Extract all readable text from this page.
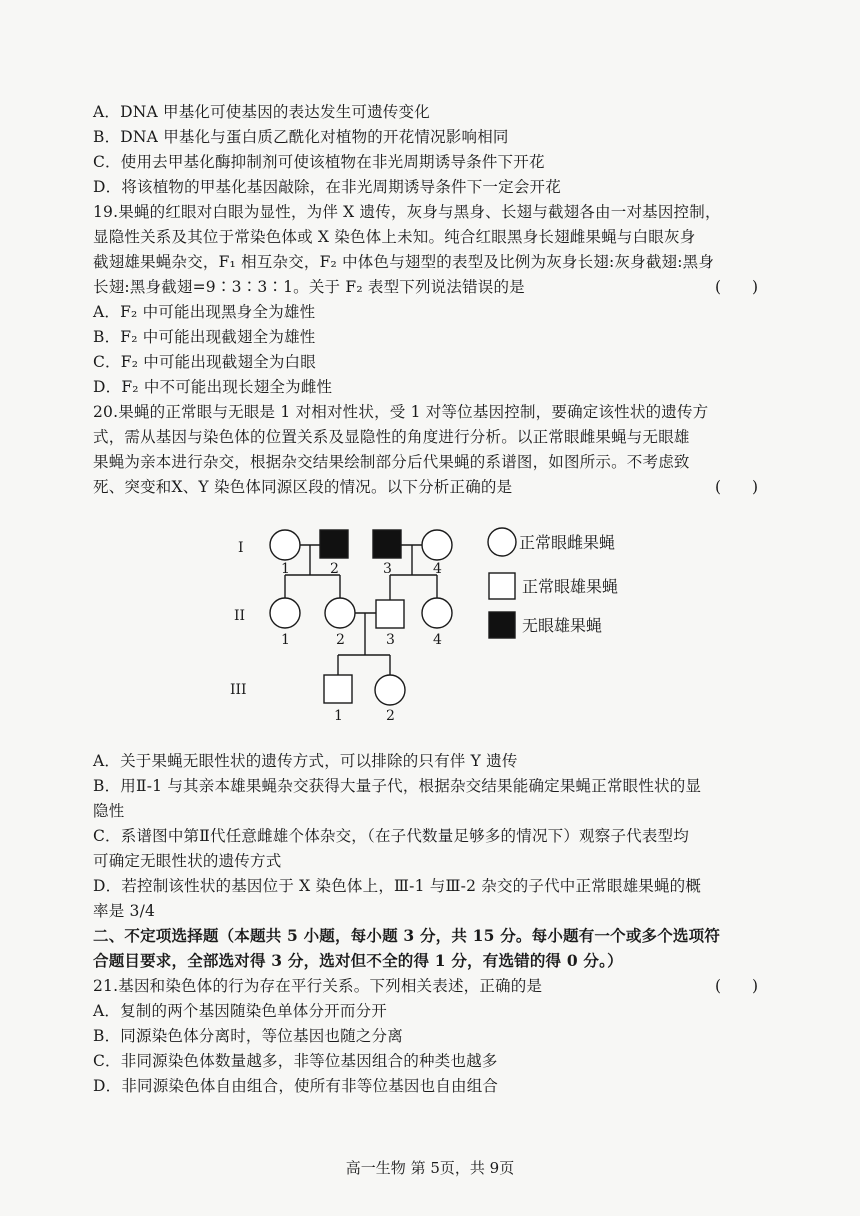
A．DNA 甲基化可使基因的表达发生可遗传变化
B．DNA 甲基化与蛋白质乙酰化对植物的开花情况影响相同
C．使用去甲基化酶抑制剂可使该植物在非光周期诱导条件下开花
D．将该植物的甲基化基因敲除，在非光周期诱导条件下一定会开花
19.果蝇的红眼对白眼为显性，为伴 X 遗传，灰身与黑身、长翅与截翅各由一对基因控制，
显隐性关系及其位于常染色体或 X 染色体上未知。纯合红眼黑身长翅雌果蝇与白眼灰身
截翅雄果蝇杂交，F₁ 相互杂交，F₂ 中体色与翅型的表型及比例为灰身长翅:灰身截翅:黑身
长翅:黑身截翅=9∶3∶3∶1。关于 F₂ 表型下列说法错误的是	(　　)
A．F₂ 中可能出现黑身全为雄性
B．F₂ 中可能出现截翅全为雄性
C．F₂ 中可能出现截翅全为白眼
D．F₂ 中不可能出现长翅全为雌性
20.果蝇的正常眼与无眼是 1 对相对性状，受 1 对等位基因控制，要确定该性状的遗传方
式，需从基因与染色体的位置关系及显隐性的角度进行分析。以正常眼雌果蝇与无眼雄
果蝇为亲本进行杂交，根据杂交结果绘制部分后代果蝇的系谱图，如图所示。不考虑致
死、突变和X、Y 染色体同源区段的情况。以下分析正确的是	(　　)
I
II
III
1	2	3	4
1	2	3	4
1	2
正常眼雌果蝇
正常眼雄果蝇
无眼雄果蝇
A．关于果蝇无眼性状的遗传方式，可以排除的只有伴 Y 遗传
B．用Ⅱ-1 与其亲本雄果蝇杂交获得大量子代，根据杂交结果能确定果蝇正常眼性状的显
隐性
C．系谱图中第Ⅱ代任意雌雄个体杂交，（在子代数量足够多的情况下）观察子代表型均
可确定无眼性状的遗传方式
D．若控制该性状的基因位于 X 染色体上，Ⅲ-1 与Ⅲ-2 杂交的子代中正常眼雄果蝇的概
率是 3/4
二、不定项选择题（本题共 5 小题，每小题 3 分，共 15 分。每小题有一个或多个选项符
合题目要求，全部选对得 3 分，选对但不全的得 1 分，有选错的得 0 分。）
21.基因和染色体的行为存在平行关系。下列相关表述，正确的是	(　　)
A．复制的两个基因随染色单体分开而分开
B．同源染色体分离时，等位基因也随之分离
C．非同源染色体数量越多，非等位基因组合的种类也越多
D．非同源染色体自由组合，使所有非等位基因也自由组合
高一生物 第 5页，共 9页
